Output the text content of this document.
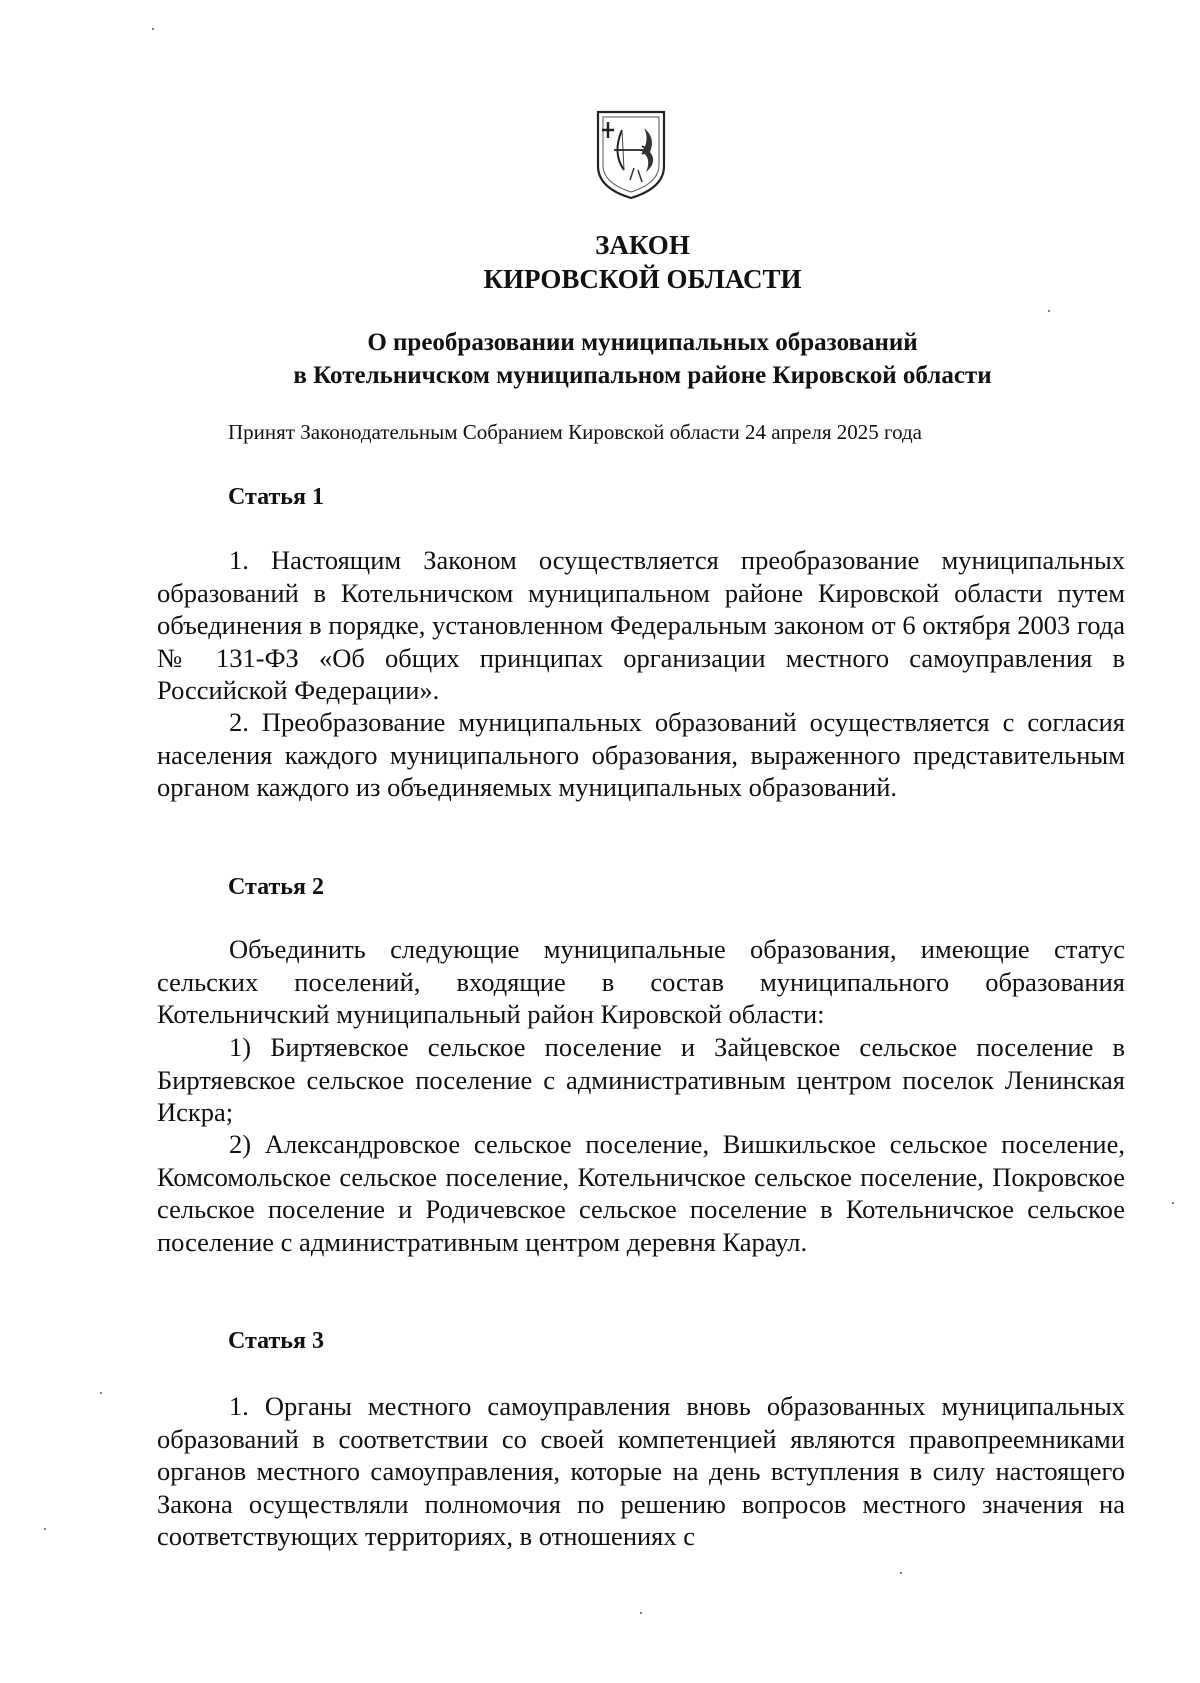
ЗАКОН
КИРОВСКОЙ ОБЛАСТИ
О преобразовании муниципальных образований
в Котельничском муниципальном районе Кировской области

Принят Законодательным Собранием Кировской области 24 апреля 2025 года

Статья 1

1. Настоящим Законом осуществляется преобразование муниципальных образований в Котельничском муниципальном районе Кировской области путем объединения в порядке, установленном Федеральным законом от 6 октября 2003 года № 131-ФЗ «Об общих принципах организации местного самоуправления в Российской Федерации».

2. Преобразование муниципальных образований осуществляется с согласия населения каждого муниципального образования, выраженного представительным органом каждого из объединяемых муниципальных образований.

Статья 2

Объединить следующие муниципальные образования, имеющие статус сельских поселений, входящие в состав муниципального образования Котельничский муниципальный район Кировской области:

1) Биртяевское сельское поселение и Зайцевское сельское поселение в Биртяевское сельское поселение с административным центром поселок Ленинская Искра;

2) Александровское сельское поселение, Вишкильское сельское поселение, Комсомольское сельское поселение, Котельничское сельское поселение, Покровское сельское поселение и Родичевское сельское поселение в Котельничское сельское поселение с административным центром деревня Караул.

Статья 3

1. Органы местного самоуправления вновь образованных муниципальных образований в соответствии со своей компетенцией являются правопреемниками органов местного самоуправления, которые на день вступления в силу настоящего Закона осуществляли полномочия по решению вопросов местного значения на соответствующих территориях, в отношениях с
